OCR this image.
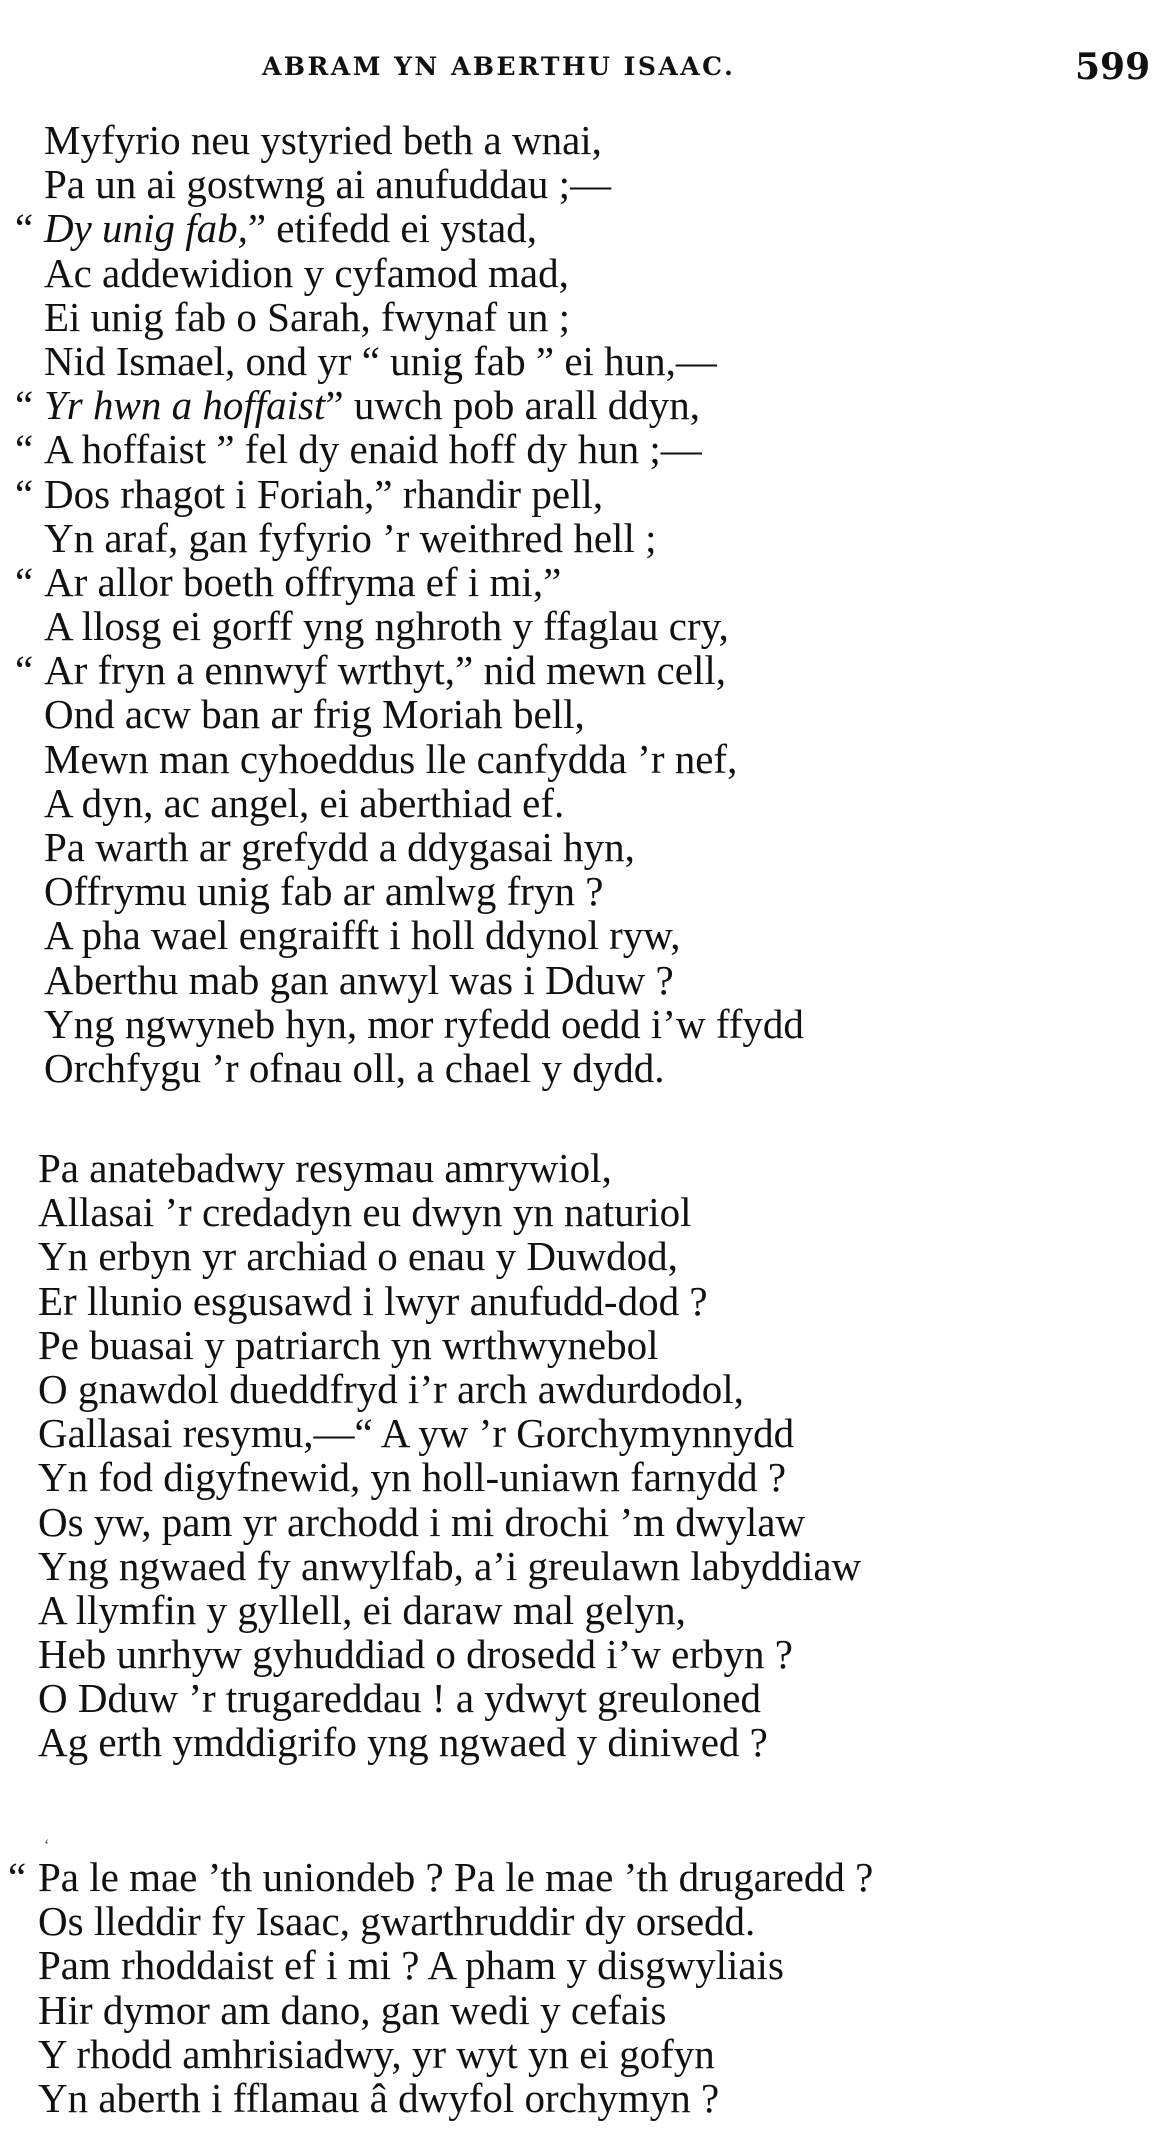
ABRAM YN ABERTHU ISAAC.	599
Myfyrio neu ystyried beth a wnai,
Pa un ai gostwng ai anufuddau ;—
“ Dy unig fab,” etifedd ei ystad,
Ac addewidion y cyfamod mad,
Ei unig fab o Sarah, fwynaf un ;
Nid Ismael, ond yr “ unig fab ” ei hun,—
“ Yr hwn a hoffaist” uwch pob arall ddyn,
“ A hoffaist ” fel dy enaid hoff dy hun ;—
“ Dos rhagot i Foriah,” rhandir pell,
Yn araf, gan fyfyrio ’r weithred hell ;
“ Ar allor boeth offryma ef i mi,”
A llosg ei gorff yng nghroth y ffaglau cry,
“ Ar fryn a ennwyf wrthyt,” nid mewn cell,
Ond acw ban ar frig Moriah bell,
Mewn man cyhoeddus lle canfydda ’r nef,
A dyn, ac angel, ei aberthiad ef.
Pa warth ar grefydd a ddygasai hyn,
Offrymu unig fab ar amlwg fryn ?
A pha wael engraifft i holl ddynol ryw,
Aberthu mab gan anwyl was i Dduw ?
Yng ngwyneb hyn, mor ryfedd oedd i’w ffydd
Orchfygu ’r ofnau oll, a chael y dydd.
Pa anatebadwy resymau amrywiol,
Allasai ’r credadyn eu dwyn yn naturiol
Yn erbyn yr archiad o enau y Duwdod,
Er llunio esgusawd i lwyr anufudd-dod ?
Pe buasai y patriarch yn wrthwynebol
O gnawdol dueddfryd i’r arch awdurdodol,
Gallasai resymu,—“ A yw ’r Gorchymynnydd
Yn fod digyfnewid, yn holl-uniawn farnydd ?
Os yw, pam yr archodd i mi drochi ’m dwylaw
Yng ngwaed fy anwylfab, a’i greulawn labyddiaw
A llymfin y gyllell, ei daraw mal gelyn,
Heb unrhyw gyhuddiad o drosedd i’w erbyn ?
O Dduw ’r trugareddau ! a ydwyt greuloned
Ag erth ymddigrifo yng ngwaed y diniwed ?
‘
“ Pa le mae ’th uniondeb ? Pa le mae ’th drugaredd ?
Os lleddir fy Isaac, gwarthruddir dy orsedd.
Pam rhoddaist ef i mi ? A pham y disgwyliais
Hir dymor am dano, gan wedi y cefais
Y rhodd amhrisiadwy, yr wyt yn ei gofyn
Yn aberth i fflamau â dwyfol orchymyn ?
